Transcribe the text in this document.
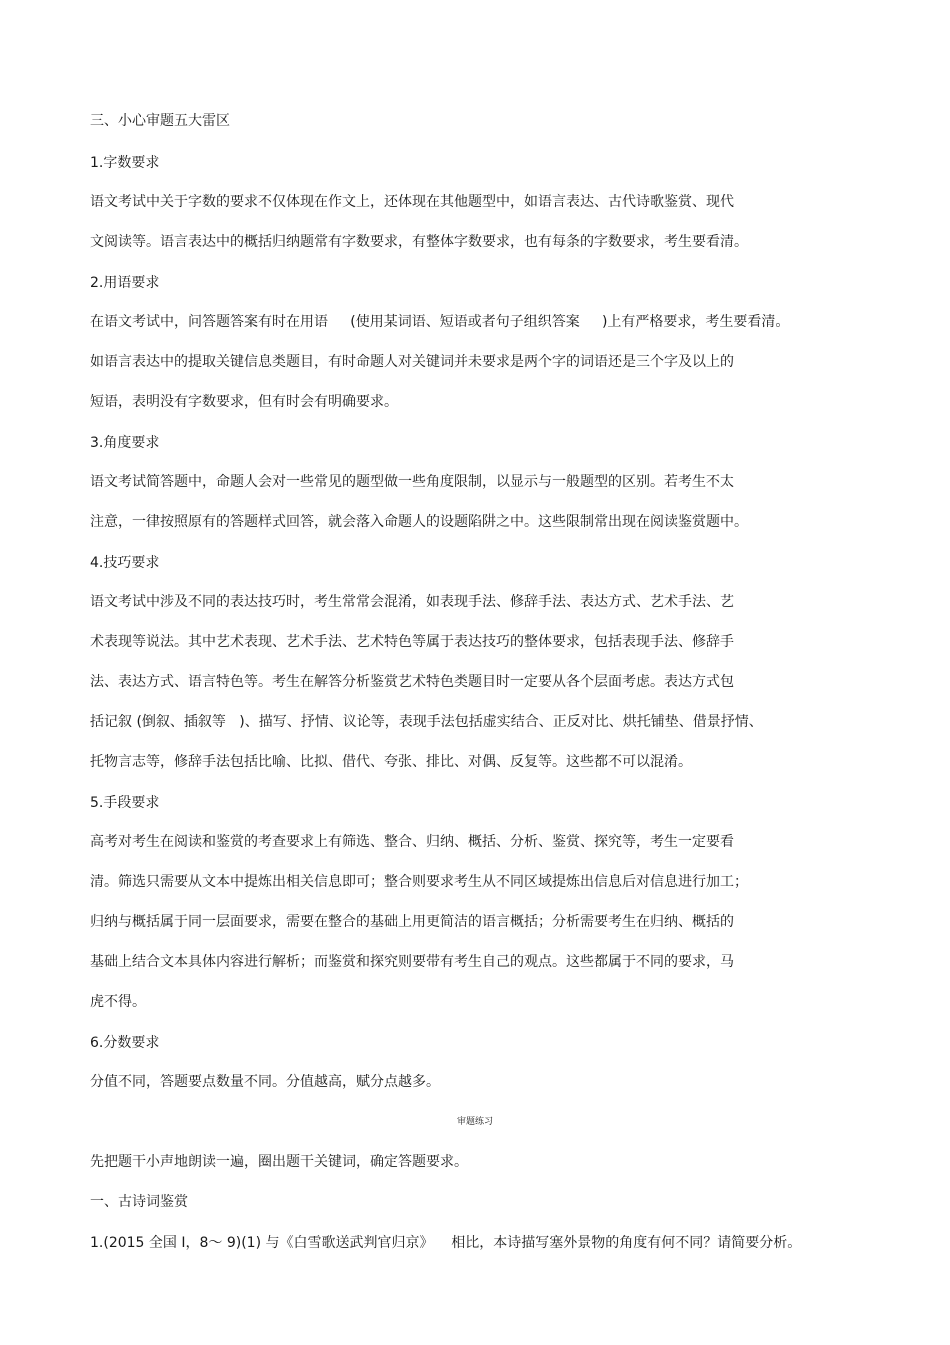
三、小心审题五大雷区
1.字数要求
语文考试中关于字数的要求不仅体现在作文上，还体现在其他题型中，如语言表达、古代诗歌鉴赏、现代
文阅读等。语言表达中的概括归纳题常有字数要求，有整体字数要求，也有每条的字数要求，考生要看清。
2.用语要求
在语文考试中，问答题答案有时在用语     (使用某词语、短语或者句子组织答案     )上有严格要求，考生要看清。
如语言表达中的提取关键信息类题目，有时命题人对关键词并未要求是两个字的词语还是三个字及以上的
短语，表明没有字数要求，但有时会有明确要求。
3.角度要求
语文考试简答题中，命题人会对一些常见的题型做一些角度限制，以显示与一般题型的区别。若考生不太
注意，一律按照原有的答题样式回答，就会落入命题人的设题陷阱之中。这些限制常出现在阅读鉴赏题中。
4.技巧要求
语文考试中涉及不同的表达技巧时，考生常常会混淆，如表现手法、修辞手法、表达方式、艺术手法、艺
术表现等说法。其中艺术表现、艺术手法、艺术特色等属于表达技巧的整体要求，包括表现手法、修辞手
法、表达方式、语言特色等。考生在解答分析鉴赏艺术特色类题目时一定要从各个层面考虑。表达方式包
括记叙 (倒叙、插叙等   )、描写、抒情、议论等，表现手法包括虚实结合、正反对比、烘托铺垫、借景抒情、
托物言志等，修辞手法包括比喻、比拟、借代、夸张、排比、对偶、反复等。这些都不可以混淆。
5.手段要求
高考对考生在阅读和鉴赏的考查要求上有筛选、整合、归纳、概括、分析、鉴赏、探究等，考生一定要看
清。筛选只需要从文本中提炼出相关信息即可；整合则要求考生从不同区域提炼出信息后对信息进行加工；
归纳与概括属于同一层面要求，需要在整合的基础上用更简洁的语言概括；分析需要考生在归纳、概括的
基础上结合文本具体内容进行解析；而鉴赏和探究则要带有考生自己的观点。这些都属于不同的要求，马
虎不得。
6.分数要求
分值不同，答题要点数量不同。分值越高，赋分点越多。
审题练习
先把题干小声地朗读一遍，圈出题干关键词，确定答题要求。
一、古诗词鉴赏
1.(2015 全国 Ⅰ，8～ 9)(1) 与《白雪歌送武判官归京》    相比，本诗描写塞外景物的角度有何不同？请简要分析。
